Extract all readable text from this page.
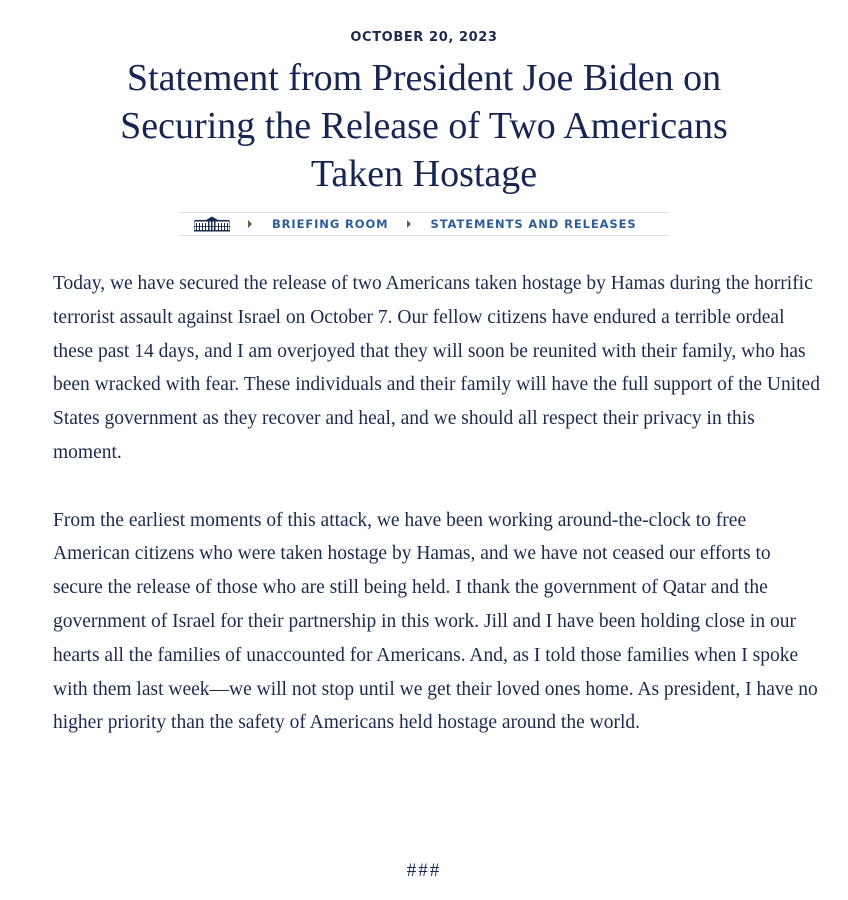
OCTOBER 20, 2023

Statement from President Joe Biden on Securing the Release of Two Americans Taken Hostage
BRIEFING ROOM	STATEMENTS AND RELEASES

Today, we have secured the release of two Americans taken hostage by Hamas during the horrific terrorist assault against Israel on October 7. Our fellow citizens have endured a terrible ordeal these past 14 days, and I am overjoyed that they will soon be reunited with their family, who has been wracked with fear. These individuals and their family will have the full support of the United States government as they recover and heal, and we should all respect their privacy in this moment.

From the earliest moments of this attack, we have been working around-the-clock to free American citizens who were taken hostage by Hamas, and we have not ceased our efforts to secure the release of those who are still being held. I thank the government of Qatar and the government of Israel for their partnership in this work. Jill and I have been holding close in our hearts all the families of unaccounted for Americans. And, as I told those families when I spoke with them last week—we will not stop until we get their loved ones home. As president, I have no higher priority than the safety of Americans held hostage around the world.

###
